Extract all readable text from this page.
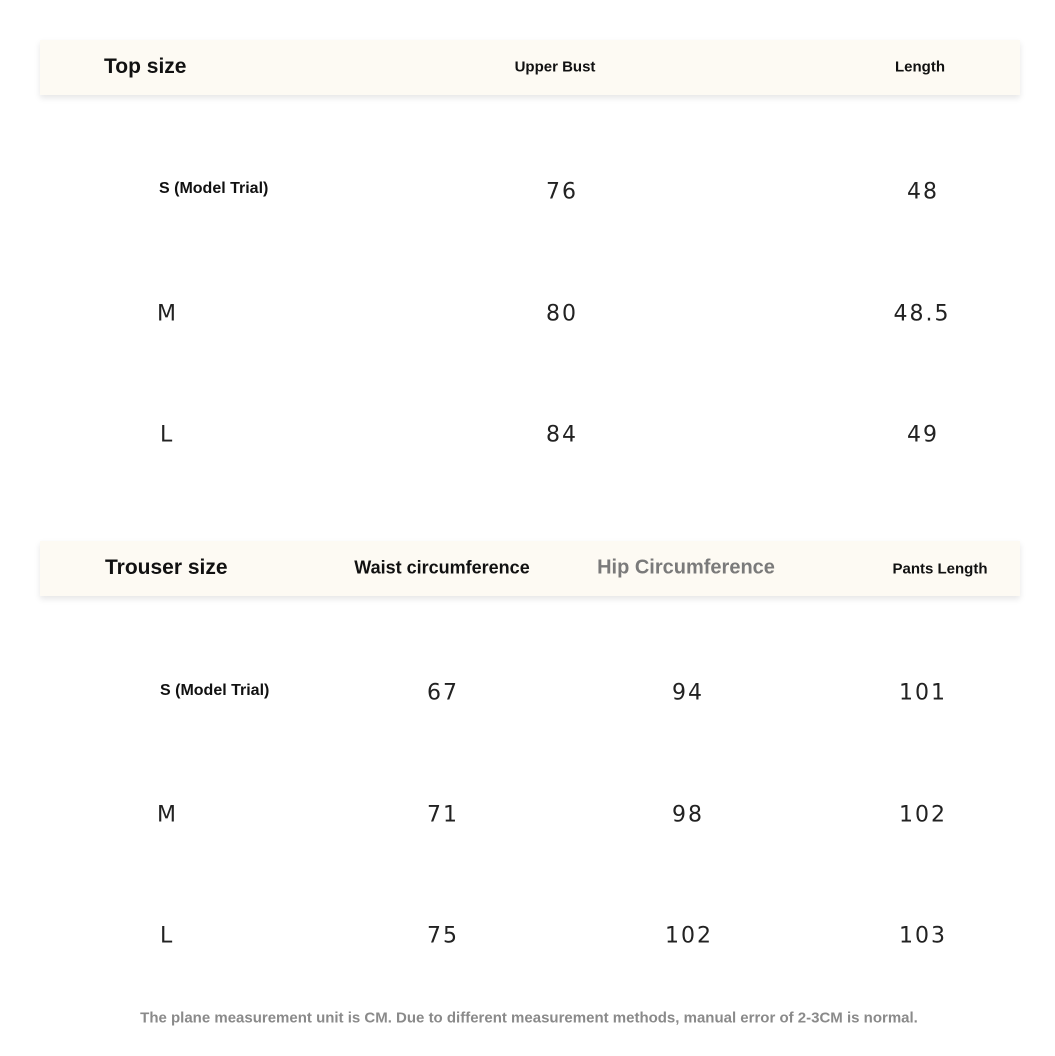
Top size	Upper Bust	Length
S (Model Trial)	76	48
M	80	48.5
L	84	49
Trouser size	Waist circumference	Hip Circumference	Pants Length
S (Model Trial)	67	94	101
M	71	98	102
L	75	102	103
The plane measurement unit is CM. Due to different measurement methods, manual error of 2-3CM is normal.
